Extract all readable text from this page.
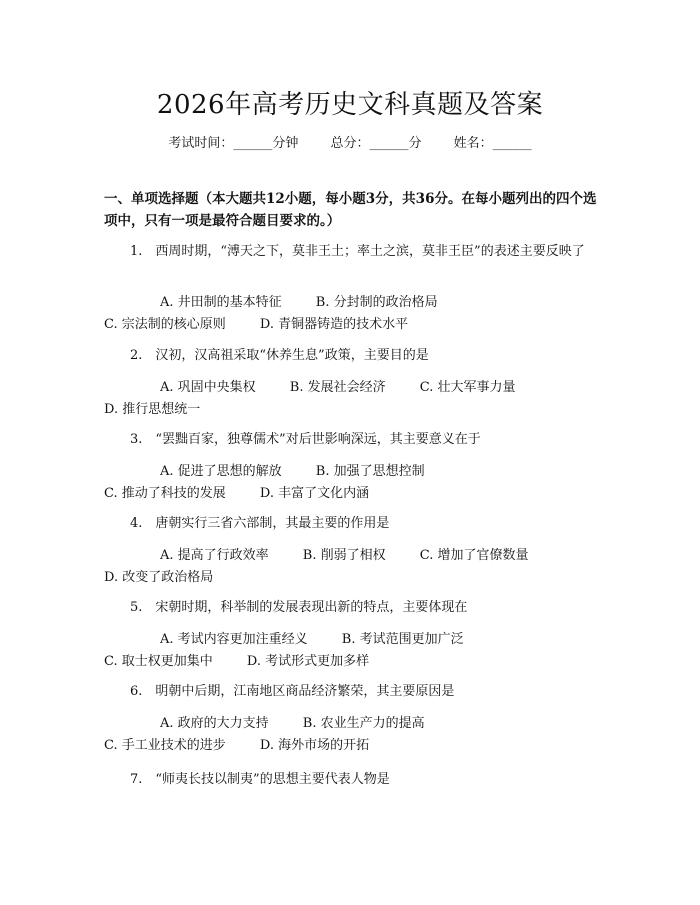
2026年高考历史文科真题及答案
考试时间：______分钟 总分：______分 姓名：______
一、单项选择题（本大题共12小题，每小题3分，共36分。在每小题列出的四个选项中，只有一项是最符合题目要求的。）
1.　西周时期，“溥天之下，莫非王土；率土之滨，莫非王臣”的表述主要反映了
A. 井田制的基本特征	B. 分封制的政治格局 C. 宗法制的核心原则	D. 青铜器铸造的技术水平
2.　汉初，汉高祖采取“休养生息”政策，主要目的是
A. 巩固中央集权	B. 发展社会经济	C. 壮大军事力量 D. 推行思想统一
3.　“罢黜百家，独尊儒术”对后世影响深远，其主要意义在于
A. 促进了思想的解放	B. 加强了思想控制 C. 推动了科技的发展	D. 丰富了文化内涵
4.　唐朝实行三省六部制，其最主要的作用是
A. 提高了行政效率	B. 削弱了相权	C. 增加了官僚数量 D. 改变了政治格局
5.　宋朝时期，科举制的发展表现出新的特点，主要体现在
A. 考试内容更加注重经义	B. 考试范围更加广泛 C. 取士权更加集中	D. 考试形式更加多样
6.　明朝中后期，江南地区商品经济繁荣，其主要原因是
A. 政府的大力支持	B. 农业生产力的提高 C. 手工业技术的进步	D. 海外市场的开拓
7.　“师夷长技以制夷”的思想主要代表人物是
